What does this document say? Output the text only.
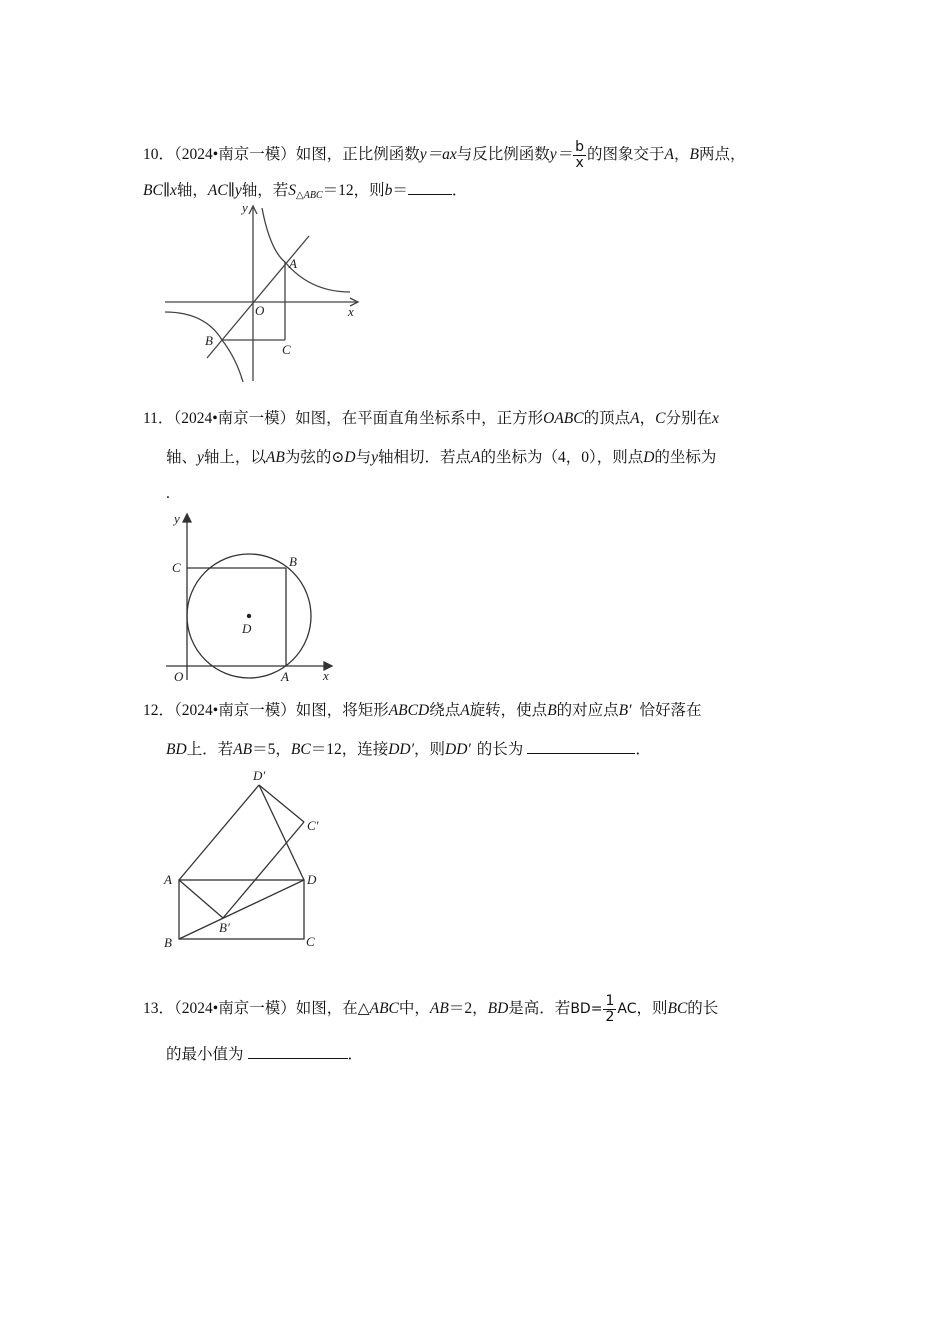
10．（2024•南京一模）如图，正比例函数y＝ax与反比例函数$y= \frac{b}{x}$ 的图象交于A，B两点，
BC∥x轴，AC∥y轴，若$S_{\triangle ABC}=12$，则b＝	．
y
x
O
A
B
C
11．（2024•南京一模）如图，在平面直角坐标系中，正方形OABC的顶点A，C分别在x
轴、y轴上，以AB为弦的⊙D与y轴相切．若点A的坐标为（4，0），则点D的坐标为
.
y
x
O	A
B
C
D
12．（2024•南京一模）如图，将矩形ABCD绕点A旋转，使点B的对应点B′ 恰好落在
BD上．若AB＝5，BC＝12，连接DD′，则DD′ 的长为	．
D′
C′
A	D
B′
B	C
13．（2024•南京一模）如图，在△ABC中，AB＝2，BD是高．若$BD= \frac{1}{2}$ AC，则BC的长
的最小值为	．
